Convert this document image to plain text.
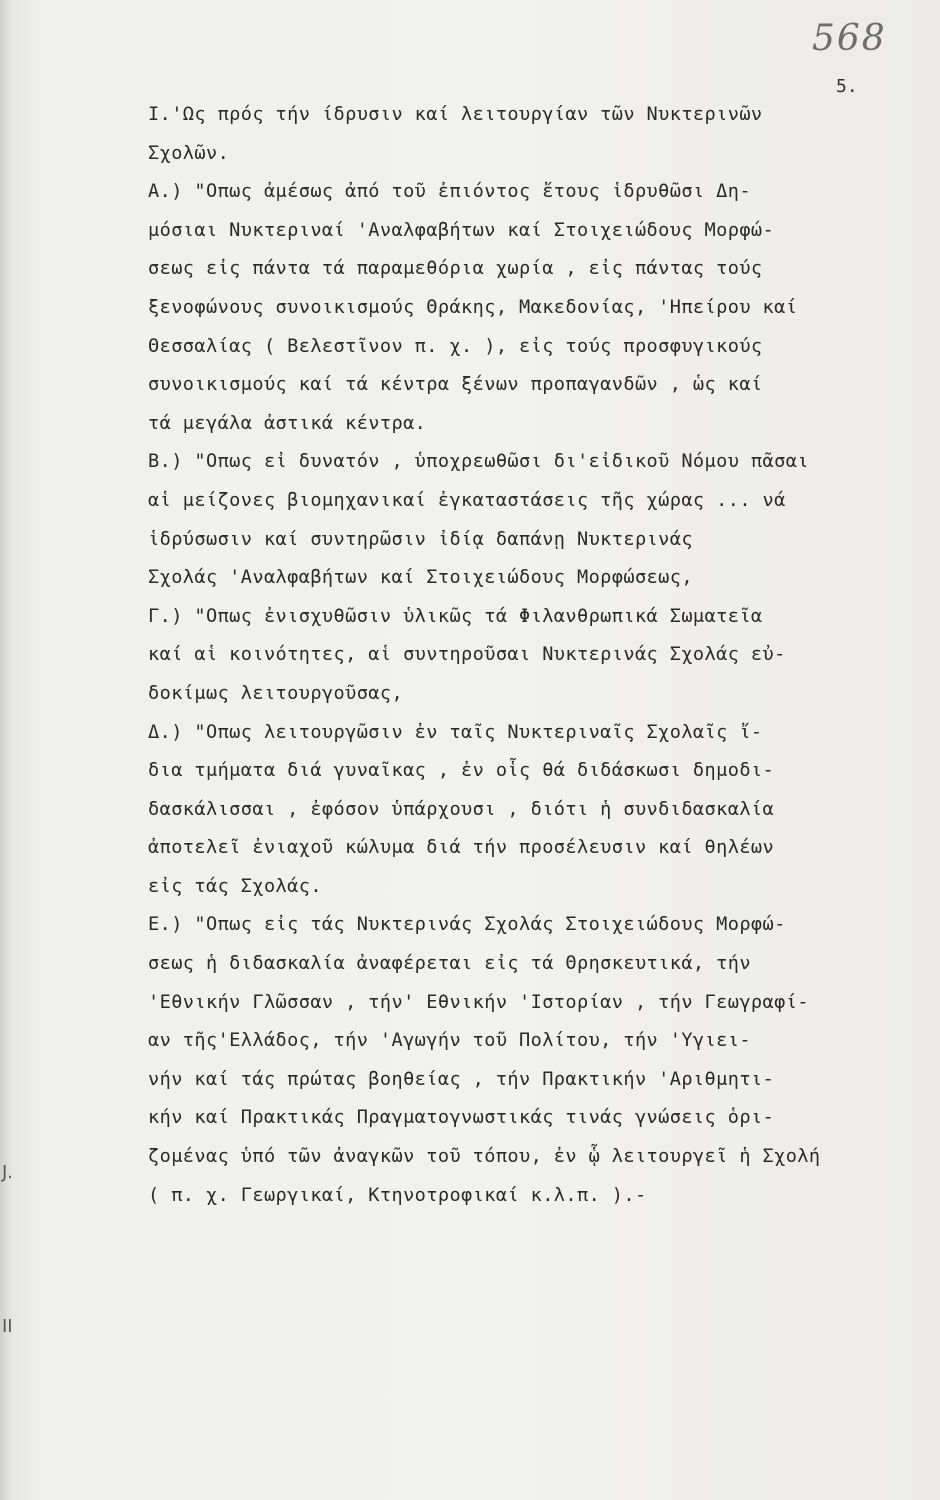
J.
II
568
5.
Ι.'Ως πρός τήν ίδρυσιν καί λειτουργίαν τῶν Νυκτερινῶν
Σχολῶν.
Α.) "Οπως ἀμέσως ἀπό τοῦ ἐπιόντος ἔτους ἱδρυθῶσι Δη-
μόσιαι Νυκτεριναί 'Αναλφαβήτων καί Στοιχειώδους Μορφώ-
σεως εἰς πάντα τά παραμεθόρια χωρία , εἰς πάντας τούς
ξενοφώνους συνοικισμούς Θράκης, Μακεδονίας, 'Ηπείρου καί
Θεσσαλίας ( Βελεστῖνον π. χ. ), εἰς τούς προσφυγικούς
συνοικισμούς καί τά κέντρα ξένων προπαγανδῶν , ὡς καί
τά μεγάλα ἀστικά κέντρα.
Β.) "Οπως εἰ δυνατόν , ὑποχρεωθῶσι δι'εἰδικοῦ Νόμου πᾶσαι
αἱ μείζονες βιομηχανικαί ἐγκαταστάσεις τῆς χώρας ... νά
ἱδρύσωσιν καί συντηρῶσιν ἰδίᾳ δαπάνῃ Νυκτερινάς
Σχολάς 'Αναλφαβήτων καί Στοιχειώδους Μορφώσεως,
Γ.) "Οπως ἐνισχυθῶσιν ὑλικῶς τά Φιλανθρωπικά Σωματεῖα
καί αἱ κοινότητες, αἱ συντηροῦσαι Νυκτερινάς Σχολάς εὐ-
δοκίμως λειτουργοῦσας,
Δ.) "Οπως λειτουργῶσιν ἐν ταῖς Νυκτεριναῖς Σχολαῖς ἴ-
δια τμήματα διά γυναῖκας , ἐν οἷς θά διδάσκωσι δημοδι-
δασκάλισσαι , ἐφόσον ὑπάρχουσι , διότι ἡ συνδιδασκαλία
ἀποτελεῖ ἐνιαχοῦ κώλυμα διά τήν προσέλευσιν καί θηλέων
εἰς τάς Σχολάς.
Ε.) "Οπως εἰς τάς Νυκτερινάς Σχολάς Στοιχειώδους Μορφώ-
σεως ἡ διδασκαλία ἀναφέρεται εἰς τά Θρησκευτικά, τήν
'Εθνικήν Γλῶσσαν , τήν' Εθνικήν 'Ιστορίαν , τήν Γεωγραφί-
αν τῆς'Ελλάδος, τήν 'Αγωγήν τοῦ Πολίτου, τήν 'Υγιει-
νήν καί τάς πρώτας βοηθείας , τήν Πρακτικήν 'Αριθμητι-
κήν καί Πρακτικάς Πραγματογνωστικάς τινάς γνώσεις ὁρι-
ζομένας ὑπό τῶν ἀναγκῶν τοῦ τόπου, ἐν ᾧ λειτουργεῖ ἡ Σχολή
( π. χ. Γεωργικαί, Κτηνοτροφικαί κ.λ.π. ).-
